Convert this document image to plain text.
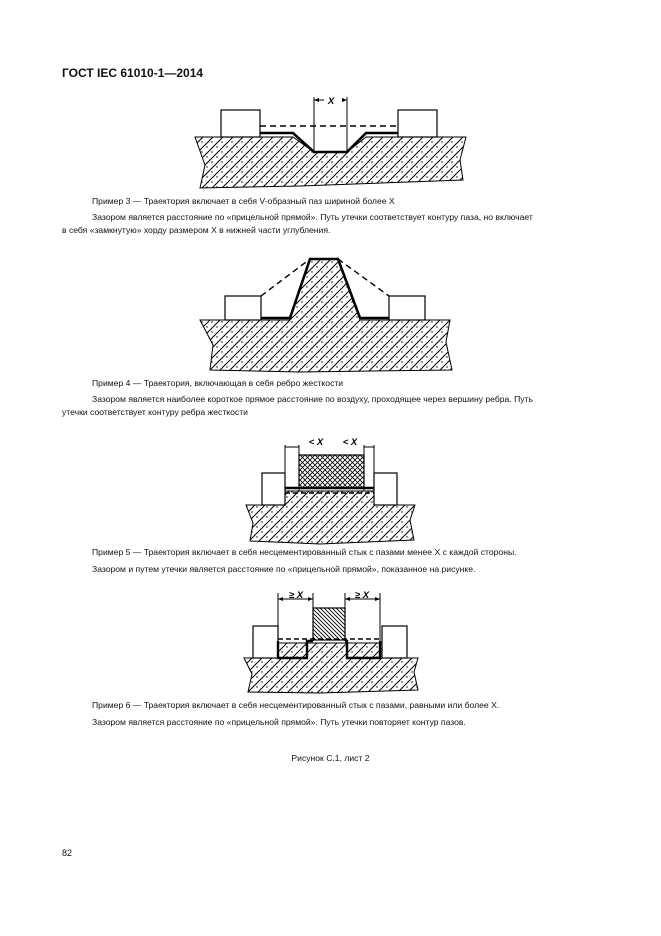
ГОСТ IEC 61010-1—2014
X
< X < X
≥ X	≥ X
Пример 3 — Траектория включает в себя V-образный паз шириной более X
Зазором является расстояние по «прицельной прямой». Путь утечки соответствует контуру паза, но включает
в себя «замкнутую» хорду размером X в нижней части углубления.
Пример 4 — Траектория, включающая в себя ребро жесткости
Зазором является наиболее короткое прямое расстояние по воздуху, проходящее через вершину ребра. Путь
утечки соответствует контуру ребра жесткости
Пример 5 — Траектория включает в себя несцементированный стык с пазами менее X с каждой стороны.
Зазором и путем утечки является расстояние по «прицельной прямой», показанное на рисунке.
Пример 6 — Траектория включает в себя несцементированный стык с пазами, равными или более X.
Зазором является расстояние по «прицельной прямой». Путь утечки повторяет контур пазов.
Рисунок С.1, лист 2
82
